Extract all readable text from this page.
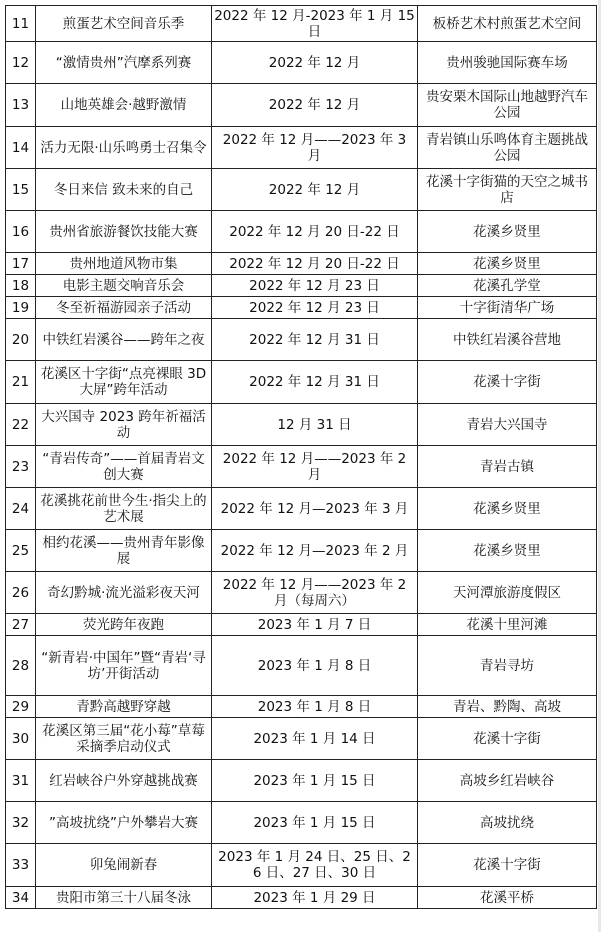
11	煎蛋艺术空间音乐季	2022 年 12 月-2023 年 1 月 15 日	板桥艺术村煎蛋艺术空间
12	“激情贵州”汽摩系列赛	2022 年 12 月	贵州骏驰国际赛车场
13	山地英雄会·越野激情	2022 年 12 月	贵安栗木国际山地越野汽车公园
14	活力无限·山乐鸣勇士召集令	2022 年 12 月——2023 年 3 月	青岩镇山乐鸣体育主题挑战公园
15	冬日来信 致未来的自己	2022 年 12 月	花溪十字街猫的天空之城书店
16	贵州省旅游餐饮技能大赛	2022 年 12 月 20 日-22 日	花溪乡贤里
17	贵州地道风物市集	2022 年 12 月 20 日-22 日	花溪乡贤里
18	电影主题交响音乐会	2022 年 12 月 23 日	花溪孔学堂
19	冬至祈福游园亲子活动	2022 年 12 月 23 日	十字街清华广场
20	中铁红岩溪谷——跨年之夜	2022 年 12 月 31 日	中铁红岩溪谷营地
21	花溪区十字街“点亮裸眼 3D 大屏”跨年活动	2022 年 12 月 31 日	花溪十字街
22	大兴国寺 2023 跨年祈福活动	12 月 31 日	青岩大兴国寺
23	“青岩传奇”——首届青岩文创大赛	2022 年 12 月——2023 年 2 月	青岩古镇
24	花溪挑花前世今生·指尖上的艺术展	2022 年 12 月—2023 年 3 月	花溪乡贤里
25	相约花溪——贵州青年影像展	2022 年 12 月—2023 年 2 月	花溪乡贤里
26	奇幻黔城·流光溢彩夜天河	2022 年 12 月——2023 年 2 月（每周六）	天河潭旅游度假区
27	荧光跨年夜跑	2023 年 1 月 7 日	花溪十里河滩
28	“新青岩·中国年”暨“青岩‘寻坊’开街活动	2023 年 1 月 8 日	青岩寻坊
29	青黔高越野穿越	2023 年 1 月 8 日	青岩、黔陶、高坡
30	花溪区第三届“花小莓”草莓采摘季启动仪式	2023 年 1 月 14 日	花溪十字街
31	红岩峡谷户外穿越挑战赛	2023 年 1 月 15 日	高坡乡红岩峡谷
32	”高坡扰绕”户外攀岩大赛	2023 年 1 月 15 日	高坡扰绕
33	卯兔闹新春	2023 年 1 月 24 日、25 日、26 日、27 日、30 日	花溪十字街
34	贵阳市第三十八届冬泳	2023 年 1 月 29 日	花溪平桥
